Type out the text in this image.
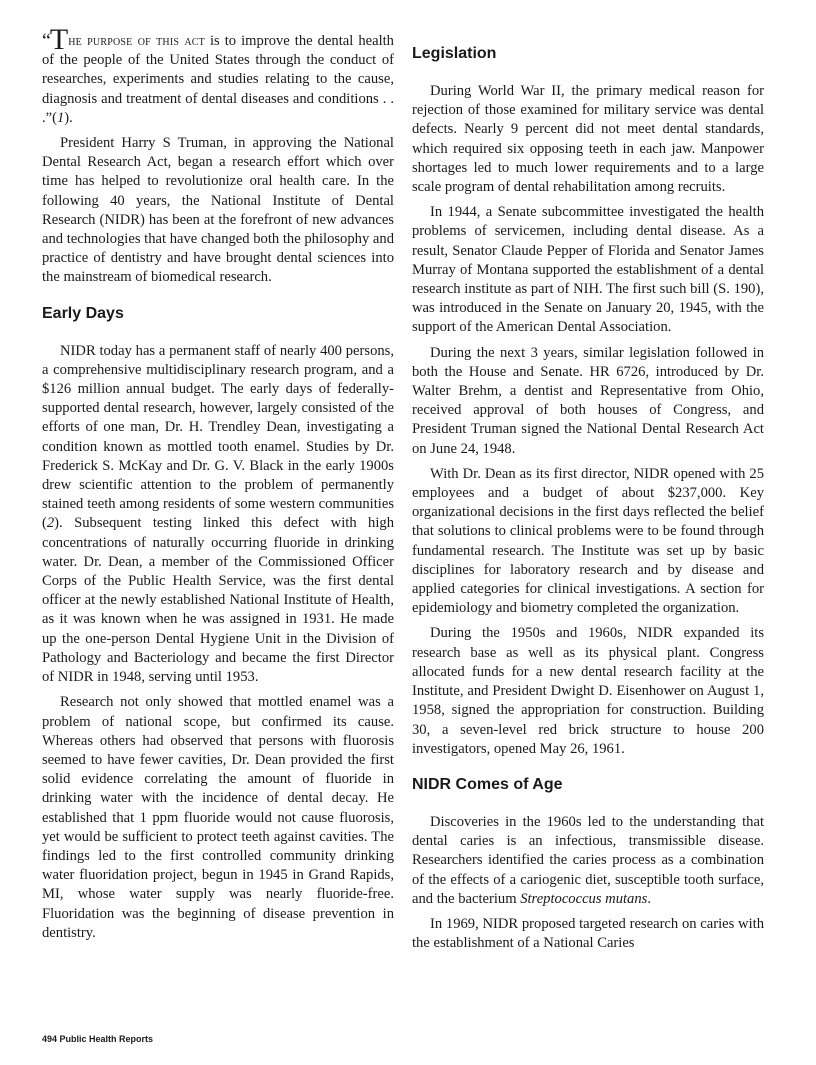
“The purpose of this act is to improve the dental health of the people of the United States through the conduct of researches, experiments and studies relating to the cause, diagnosis and treatment of dental diseases and conditions . . .”(1).

President Harry S Truman, in approving the National Dental Research Act, began a research effort which over time has helped to revolutionize oral health care. In the following 40 years, the National Institute of Dental Research (NIDR) has been at the forefront of new advances and technologies that have changed both the philosophy and practice of dentistry and have brought dental sciences into the mainstream of biomedical research.

Early Days

NIDR today has a permanent staff of nearly 400 persons, a comprehensive multidisciplinary research program, and a $126 million annual budget. The early days of federally-supported dental research, however, largely consisted of the efforts of one man, Dr. H. Trendley Dean, investigating a condition known as mottled tooth enamel. Studies by Dr. Frederick S. McKay and Dr. G. V. Black in the early 1900s drew scientific attention to the problem of permanently stained teeth among residents of some western communities (2). Subsequent testing linked this defect with high concentrations of naturally occurring fluoride in drinking water. Dr. Dean, a member of the Commissioned Officer Corps of the Public Health Service, was the first dental officer at the newly established National Institute of Health, as it was known when he was assigned in 1931. He made up the one-person Dental Hygiene Unit in the Division of Pathology and Bacteriology and became the first Director of NIDR in 1948, serving until 1953.

Research not only showed that mottled enamel was a problem of national scope, but confirmed its cause. Whereas others had observed that persons with fluorosis seemed to have fewer cavities, Dr. Dean provided the first solid evidence correlating the amount of fluoride in drinking water with the incidence of dental decay. He established that 1 ppm fluoride would not cause fluorosis, yet would be sufficient to protect teeth against cavities. The findings led to the first controlled community drinking water fluoridation project, begun in 1945 in Grand Rapids, MI, whose water supply was nearly fluoride-free. Fluoridation was the beginning of disease prevention in dentistry.

Legislation

During World War II, the primary medical reason for rejection of those examined for military service was dental defects. Nearly 9 percent did not meet dental standards, which required six opposing teeth in each jaw. Manpower shortages led to much lower requirements and to a large scale program of dental rehabilitation among recruits.

In 1944, a Senate subcommittee investigated the health problems of servicemen, including dental disease. As a result, Senator Claude Pepper of Florida and Senator James Murray of Montana supported the establishment of a dental research institute as part of NIH. The first such bill (S. 190), was introduced in the Senate on January 20, 1945, with the support of the American Dental Association.

During the next 3 years, similar legislation followed in both the House and Senate. HR 6726, introduced by Dr. Walter Brehm, a dentist and Representative from Ohio, received approval of both houses of Congress, and President Truman signed the National Dental Research Act on June 24, 1948.

With Dr. Dean as its first director, NIDR opened with 25 employees and a budget of about $237,000. Key organizational decisions in the first days reflected the belief that solutions to clinical problems were to be found through fundamental research. The Institute was set up by basic disciplines for laboratory research and by disease and applied categories for clinical investigations. A section for epidemiology and biometry completed the organization.

During the 1950s and 1960s, NIDR expanded its research base as well as its physical plant. Congress allocated funds for a new dental research facility at the Institute, and President Dwight D. Eisenhower on August 1, 1958, signed the appropriation for construction. Building 30, a seven-level red brick structure to house 200 investigators, opened May 26, 1961.

NIDR Comes of Age

Discoveries in the 1960s led to the understanding that dental caries is an infectious, transmissible disease. Researchers identified the caries process as a combination of the effects of a cariogenic diet, susceptible tooth surface, and the bacterium Streptococcus mutans.

In 1969, NIDR proposed targeted research on caries with the establishment of a National Caries

494 Public Health Reports
